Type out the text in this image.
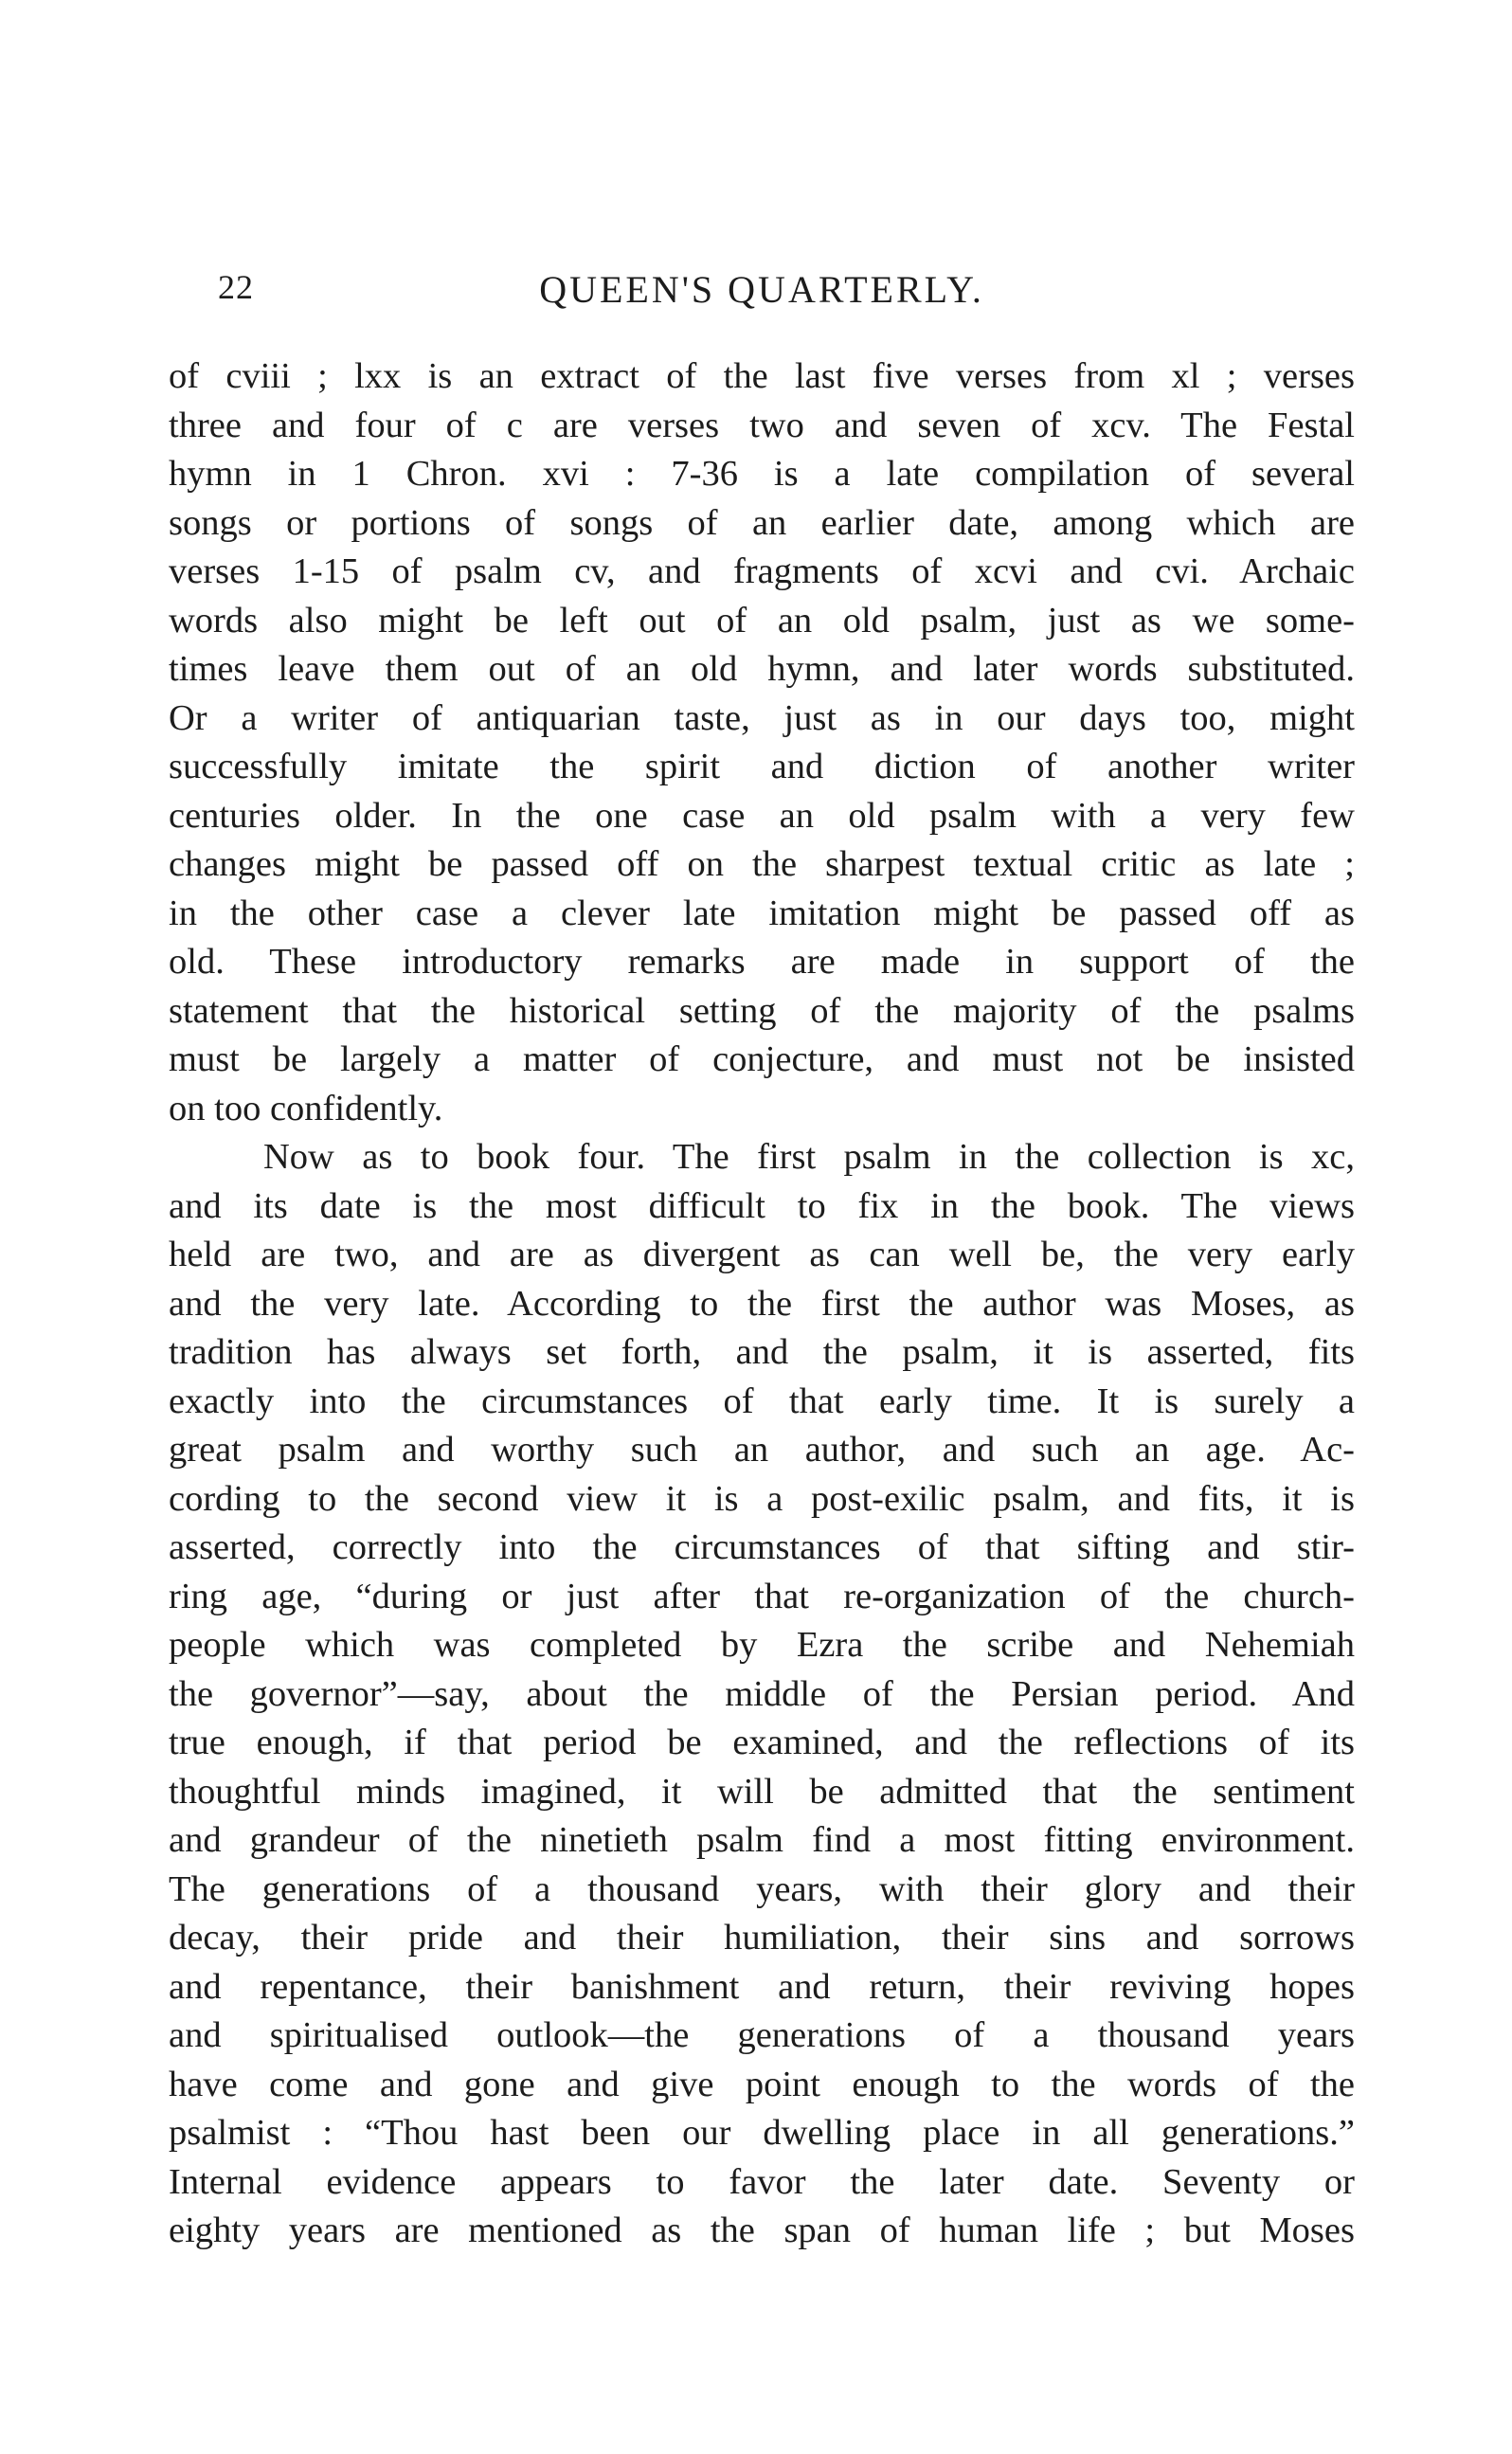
22	QUEEN'S QUARTERLY.
of cviii ; lxx is an extract of the last five verses from xl ; verses
three and four of c are verses two and seven of xcv. The Festal
hymn in 1 Chron. xvi : 7-36 is a late compilation of several
songs or portions of songs of an earlier date, among which are
verses 1-15 of psalm cv, and fragments of xcvi and cvi. Archaic
words also might be left out of an old psalm, just as we some-
times leave them out of an old hymn, and later words substituted.
Or a writer of antiquarian taste, just as in our days too, might
successfully imitate the spirit and diction of another writer
centuries older. In the one case an old psalm with a very few
changes might be passed off on the sharpest textual critic as late ;
in the other case a clever late imitation might be passed off as
old. These introductory remarks are made in support of the
statement that the historical setting of the majority of the psalms
must be largely a matter of conjecture, and must not be insisted
on too confidently.
Now as to book four. The first psalm in the collection is xc,
and its date is the most difficult to fix in the book. The views
held are two, and are as divergent as can well be, the very early
and the very late. According to the first the author was Moses, as
tradition has always set forth, and the psalm, it is asserted, fits
exactly into the circumstances of that early time. It is surely a
great psalm and worthy such an author, and such an age. Ac-
cording to the second view it is a post-exilic psalm, and fits, it is
asserted, correctly into the circumstances of that sifting and stir-
ring age, “during or just after that re-organization of the church-
people which was completed by Ezra the scribe and Nehemiah
the governor”—say, about the middle of the Persian period. And
true enough, if that period be examined, and the reflections of its
thoughtful minds imagined, it will be admitted that the sentiment
and grandeur of the ninetieth psalm find a most fitting environment.
The generations of a thousand years, with their glory and their
decay, their pride and their humiliation, their sins and sorrows
and repentance, their banishment and return, their reviving hopes
and spiritualised outlook—the generations of a thousand years
have come and gone and give point enough to the words of the
psalmist : “Thou hast been our dwelling place in all generations.”
Internal evidence appears to favor the later date. Seventy or
eighty years are mentioned as the span of human life ; but Moses
